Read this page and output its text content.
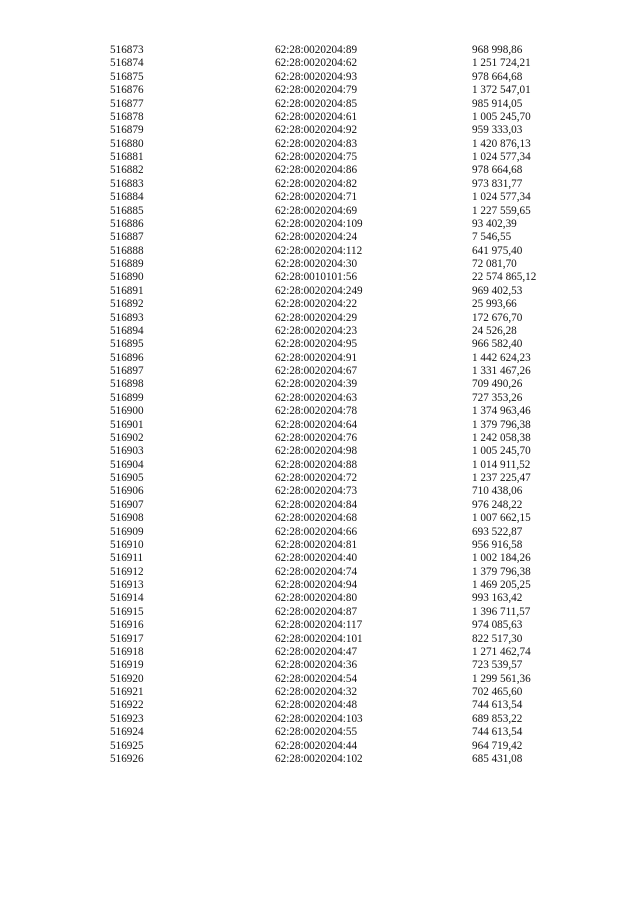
516873	62:28:0020204:89	968 998,86
516874	62:28:0020204:62	1 251 724,21
516875	62:28:0020204:93	978 664,68
516876	62:28:0020204:79	1 372 547,01
516877	62:28:0020204:85	985 914,05
516878	62:28:0020204:61	1 005 245,70
516879	62:28:0020204:92	959 333,03
516880	62:28:0020204:83	1 420 876,13
516881	62:28:0020204:75	1 024 577,34
516882	62:28:0020204:86	978 664,68
516883	62:28:0020204:82	973 831,77
516884	62:28:0020204:71	1 024 577,34
516885	62:28:0020204:69	1 227 559,65
516886	62:28:0020204:109	93 402,39
516887	62:28:0020204:24	7 546,55
516888	62:28:0020204:112	641 975,40
516889	62:28:0020204:30	72 081,70
516890	62:28:0010101:56	22 574 865,12
516891	62:28:0020204:249	969 402,53
516892	62:28:0020204:22	25 993,66
516893	62:28:0020204:29	172 676,70
516894	62:28:0020204:23	24 526,28
516895	62:28:0020204:95	966 582,40
516896	62:28:0020204:91	1 442 624,23
516897	62:28:0020204:67	1 331 467,26
516898	62:28:0020204:39	709 490,26
516899	62:28:0020204:63	727 353,26
516900	62:28:0020204:78	1 374 963,46
516901	62:28:0020204:64	1 379 796,38
516902	62:28:0020204:76	1 242 058,38
516903	62:28:0020204:98	1 005 245,70
516904	62:28:0020204:88	1 014 911,52
516905	62:28:0020204:72	1 237 225,47
516906	62:28:0020204:73	710 438,06
516907	62:28:0020204:84	976 248,22
516908	62:28:0020204:68	1 007 662,15
516909	62:28:0020204:66	693 522,87
516910	62:28:0020204:81	956 916,58
516911	62:28:0020204:40	1 002 184,26
516912	62:28:0020204:74	1 379 796,38
516913	62:28:0020204:94	1 469 205,25
516914	62:28:0020204:80	993 163,42
516915	62:28:0020204:87	1 396 711,57
516916	62:28:0020204:117	974 085,63
516917	62:28:0020204:101	822 517,30
516918	62:28:0020204:47	1 271 462,74
516919	62:28:0020204:36	723 539,57
516920	62:28:0020204:54	1 299 561,36
516921	62:28:0020204:32	702 465,60
516922	62:28:0020204:48	744 613,54
516923	62:28:0020204:103	689 853,22
516924	62:28:0020204:55	744 613,54
516925	62:28:0020204:44	964 719,42
516926	62:28:0020204:102	685 431,08
